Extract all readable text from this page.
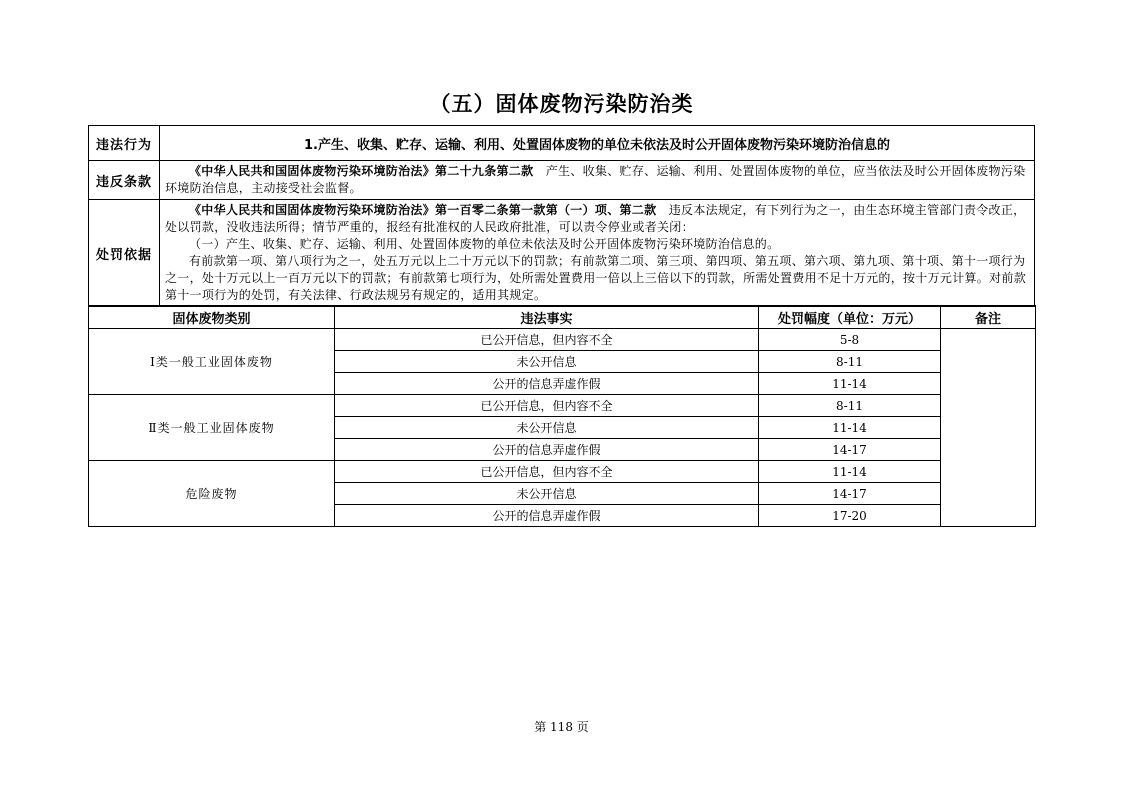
（五）固体废物污染防治类
违法行为	1.产生、收集、贮存、运输、利用、处置固体废物的单位未依法及时公开固体废物污染环境防治信息的
违反条款	《中华人民共和国固体废物污染环境防治法》第二十九条第二款 产生、收集、贮存、运输、利用、处置固体废物的单位，应当依法及时公开固体废物污染环境防治信息，主动接受社会监督。

处罚依据	《中华人民共和国固体废物污染环境防治法》第一百零二条第一款第（一）项、第二款 违反本法规定，有下列行为之一，由生态环境主管部门责令改正，处以罚款，没收违法所得；情节严重的，报经有批准权的人民政府批准，可以责令停业或者关闭：

（一）产生、收集、贮存、运输、利用、处置固体废物的单位未依法及时公开固体废物污染环境防治信息的。

有前款第一项、第八项行为之一，处五万元以上二十万元以下的罚款；有前款第二项、第三项、第四项、第五项、第六项、第九项、第十项、第十一项行为之一，处十万元以上一百万元以下的罚款；有前款第七项行为，处所需处置费用一倍以上三倍以下的罚款，所需处置费用不足十万元的，按十万元计算。对前款第十一项行为的处罚，有关法律、行政法规另有规定的，适用其规定。

固体废物类别	违法事实	处罚幅度（单位：万元）	备注
Ⅰ类一般工业固体废物	已公开信息，但内容不全	5-8	
	未公开信息	8-11	
	公开的信息弄虚作假	11-14	
Ⅱ类一般工业固体废物	已公开信息，但内容不全	8-11	
	未公开信息	11-14	
	公开的信息弄虚作假	14-17	
危险废物	已公开信息，但内容不全	11-14	
	未公开信息	14-17	
	公开的信息弄虚作假	17-20	
第 118 页
